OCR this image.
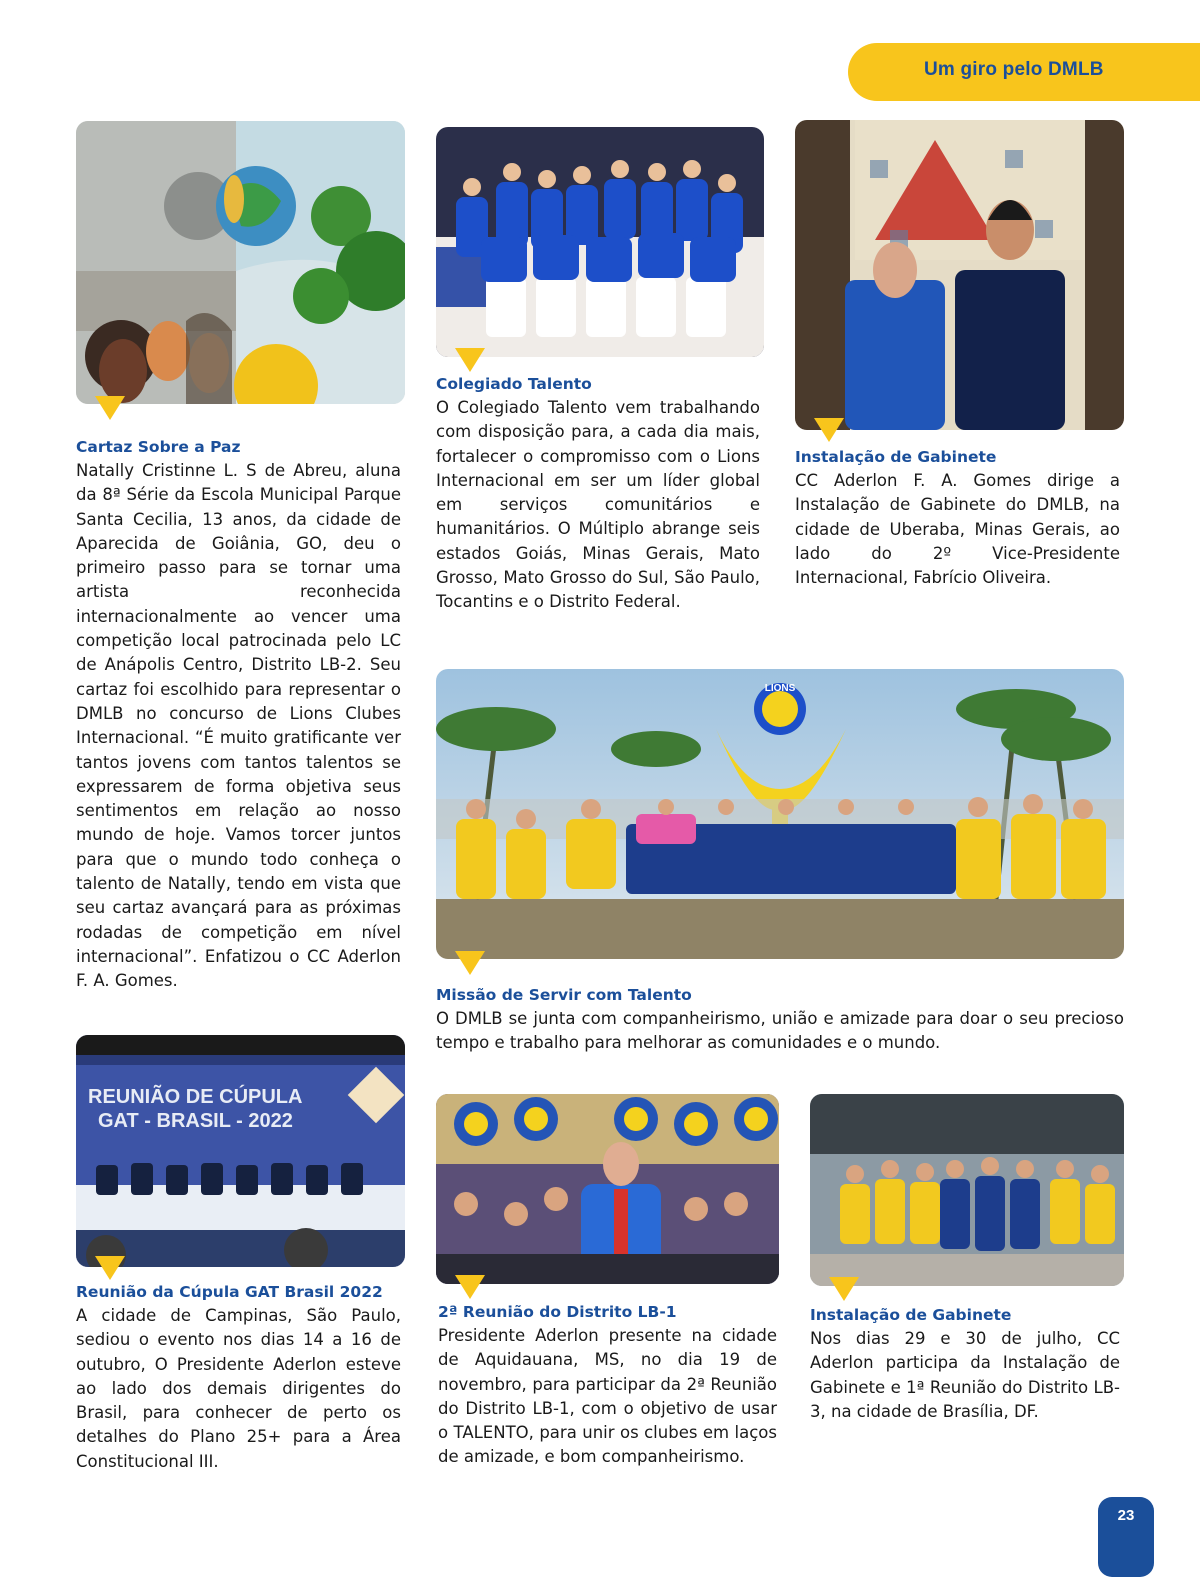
Um giro pelo DMLB
Cartaz Sobre a Paz

Natally Cristinne L. S de Abreu, aluna da 8ª Série da Escola Municipal Parque Santa Cecilia, 13 anos, da cidade de Aparecida de Goiânia, GO, deu o primeiro passo para se tornar uma artista reconhecida internacionalmente ao vencer uma competição local patrocinada pelo LC de Anápolis Centro, Distrito LB-2. Seu cartaz foi escolhido para representar o DMLB no concurso de Lions Clubes Internacional. “É muito gratificante ver tantos jovens com tantos talentos se expressarem de forma objetiva seus sentimentos em relação ao nosso mundo de hoje. Vamos torcer juntos para que o mundo todo conheça o talento de Natally, tendo em vista que seu cartaz avançará para as próximas rodadas de competição em nível internacional”. Enfatizou o CC Aderlon F. A. Gomes.

Colegiado Talento

O Colegiado Talento vem trabalhando com disposição para, a cada dia mais, fortalecer o compromisso com o Lions Internacional em ser um líder global em serviços comunitários e humanitários. O Múltiplo abrange seis estados Goiás, Minas Gerais, Mato Grosso, Mato Grosso do Sul, São Paulo, Tocantins e o Distrito Federal.

Instalação de Gabinete

CC Aderlon F. A. Gomes dirige a Instalação de Gabinete do DMLB, na cidade de Uberaba, Minas Gerais, ao lado do 2º Vice-Presidente Internacional, Fabrício Oliveira.

LIONS
Missão de Servir com Talento

O DMLB se junta com companheirismo, união e amizade para doar o seu precioso tempo e trabalho para melhorar as comunidades e o mundo.

REUNIÃO DE CÚPULA
GAT - BRASIL - 2022
Reunião da Cúpula GAT Brasil 2022

A cidade de Campinas, São Paulo, sediou o evento nos dias 14 a 16 de outubro, O Presidente Aderlon esteve ao lado dos demais dirigentes do Brasil, para conhecer de perto os detalhes do Plano 25+ para a Área Constitucional III.

2ª Reunião do Distrito LB-1

Presidente Aderlon presente na cidade de Aquidauana, MS, no dia 19 de novembro, para participar da 2ª Reunião do Distrito LB-1, com o objetivo de usar o TALENTO, para unir os clubes em laços de amizade, e bom companheirismo.

Instalação de Gabinete

Nos dias 29 e 30 de julho, CC Aderlon participa da Instalação de Gabinete e 1ª Reunião do Distrito LB-3, na cidade de Brasília, DF.

23
